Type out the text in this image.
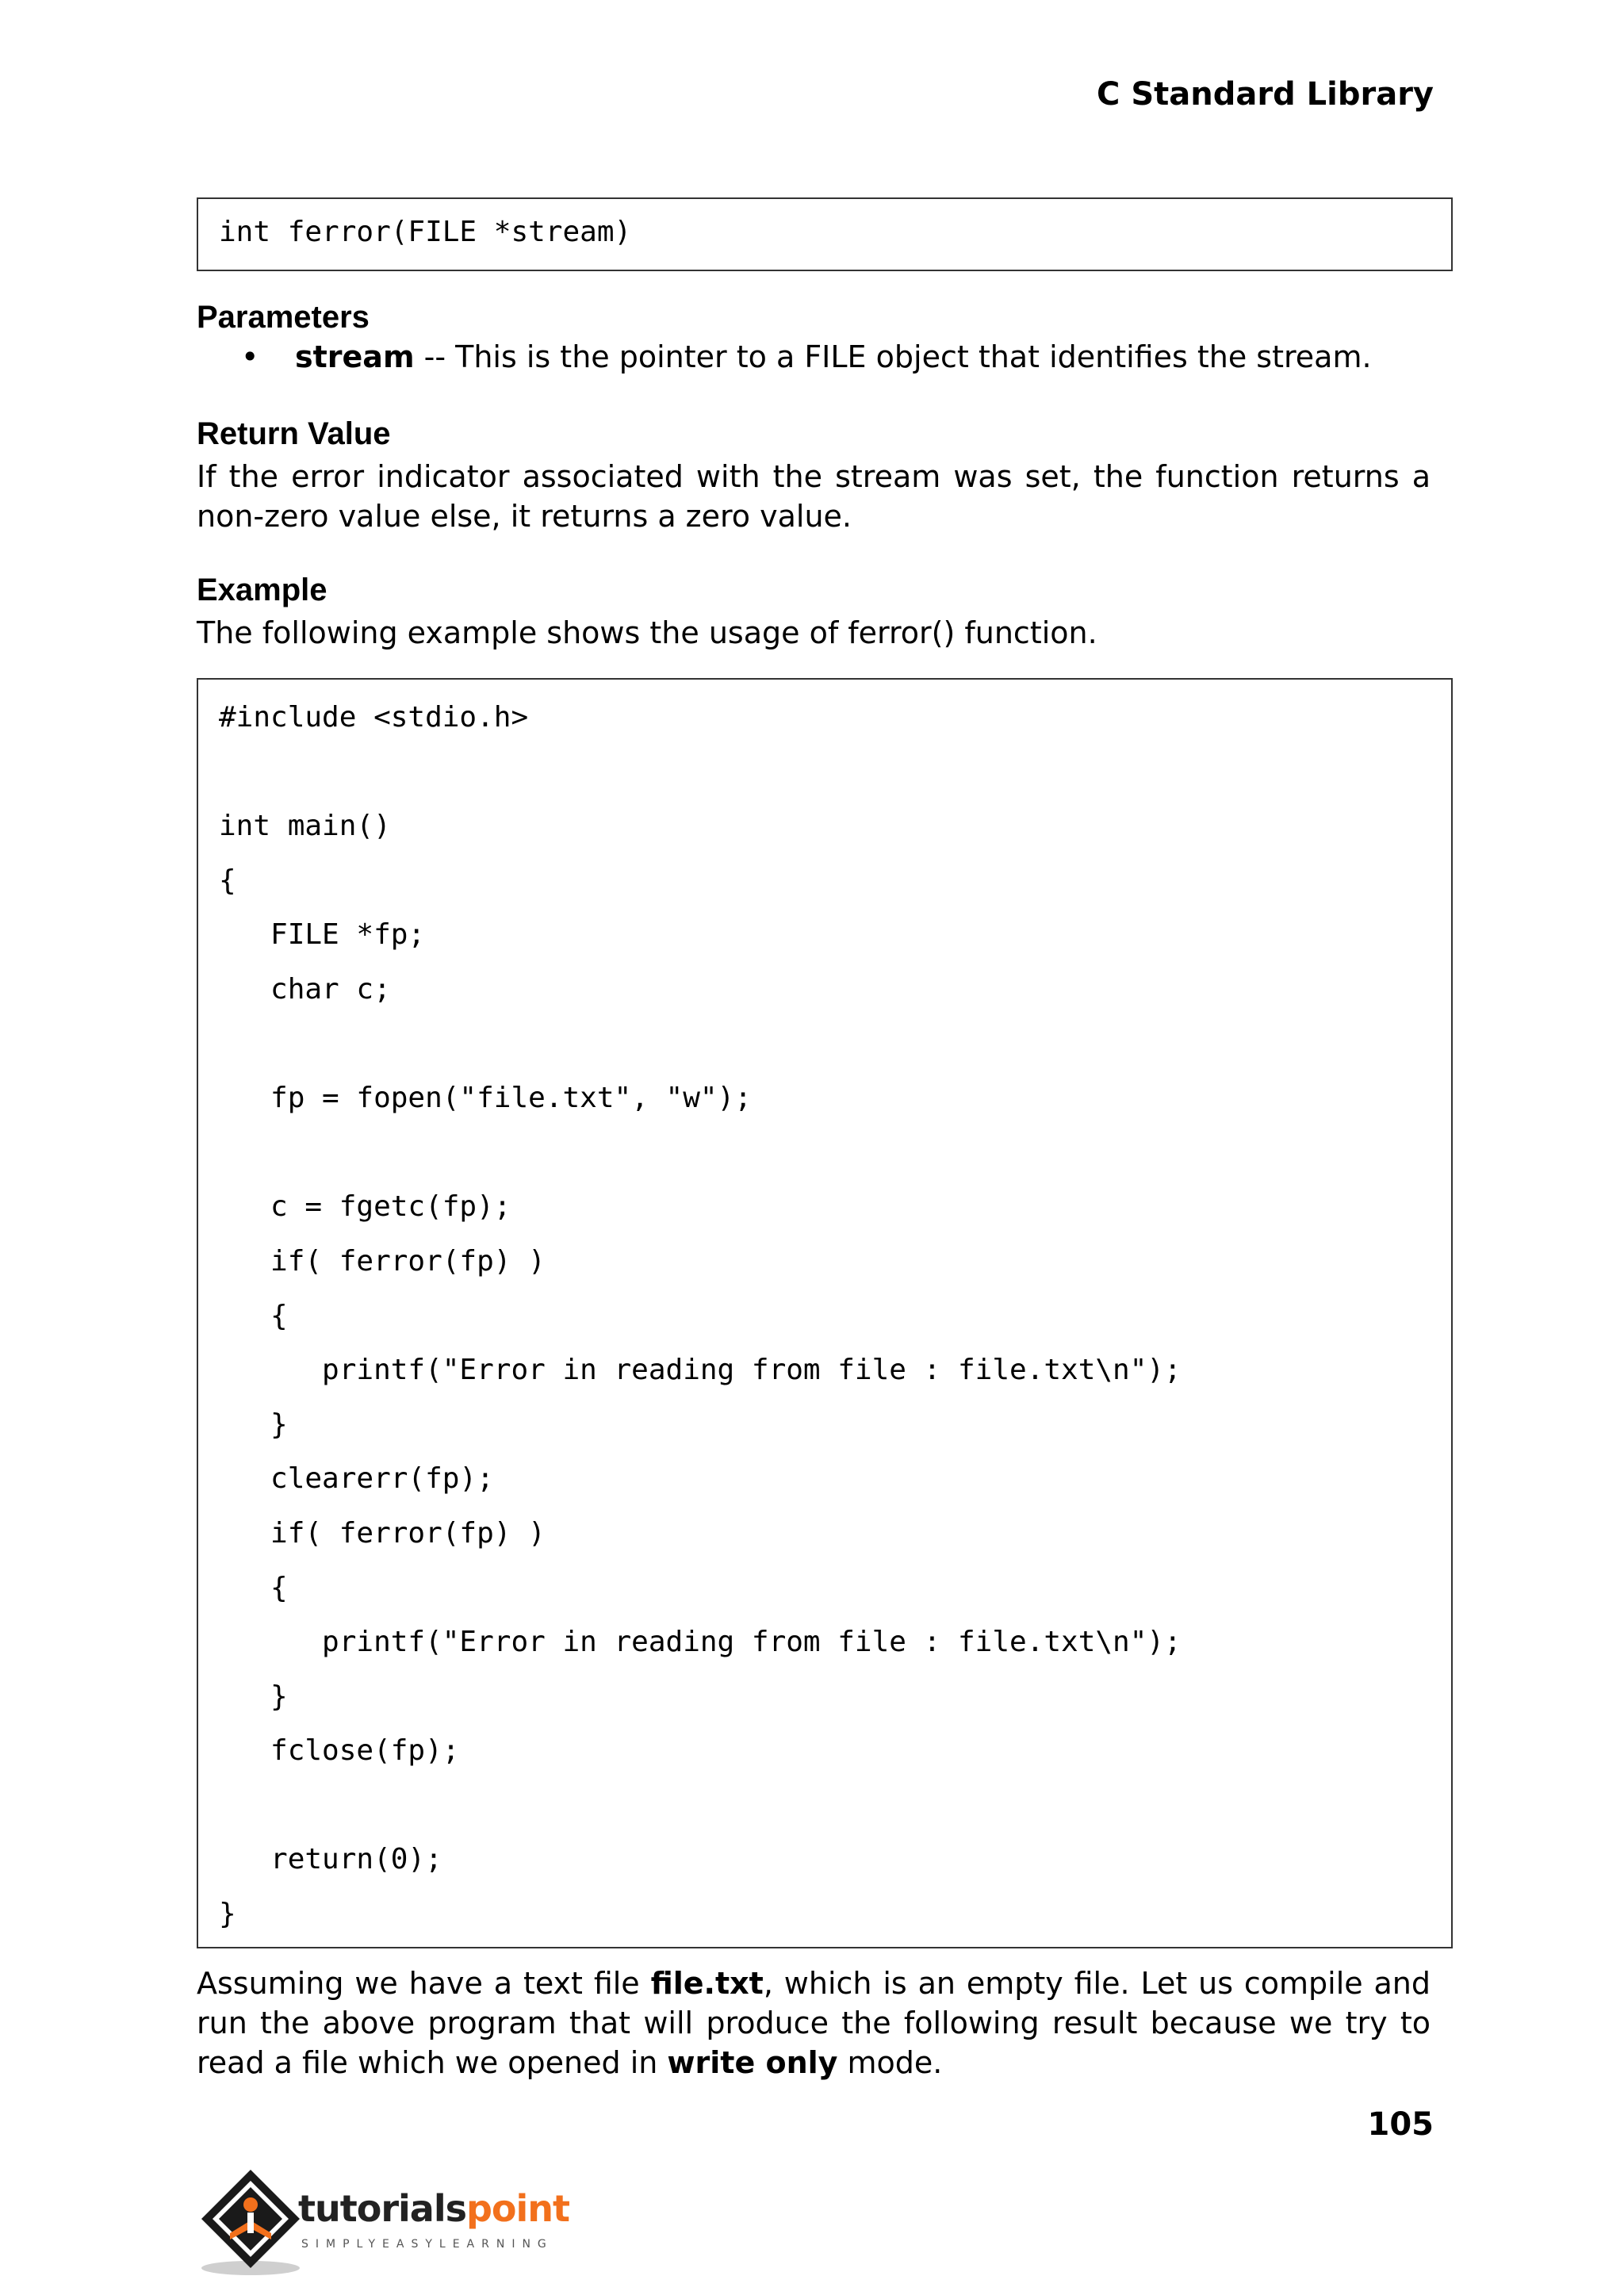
C Standard Library
int ferror(FILE *stream)
Parameters
• stream -- This is the pointer to a FILE object that identifies the stream.
Return Value
If the error indicator associated with the stream was set, the function returns a non-zero value else, it returns a zero value.
Example
The following example shows the usage of ferror() function.
#include <stdio.h>
int main()
{
FILE *fp;
char c;
fp = fopen("file.txt", "w");
c = fgetc(fp);
if( ferror(fp) )
{
printf("Error in reading from file : file.txt\n");
}
clearerr(fp);
if( ferror(fp) )
{
printf("Error in reading from file : file.txt\n");
}
fclose(fp);
return(0);
}
Assuming we have a text file file.txt, which is an empty file. Let us compile and run the above program that will produce the following result because we try to read a file which we opened in write only mode.
105
tutorialspoint
SIMPLYEASYLEARNING
